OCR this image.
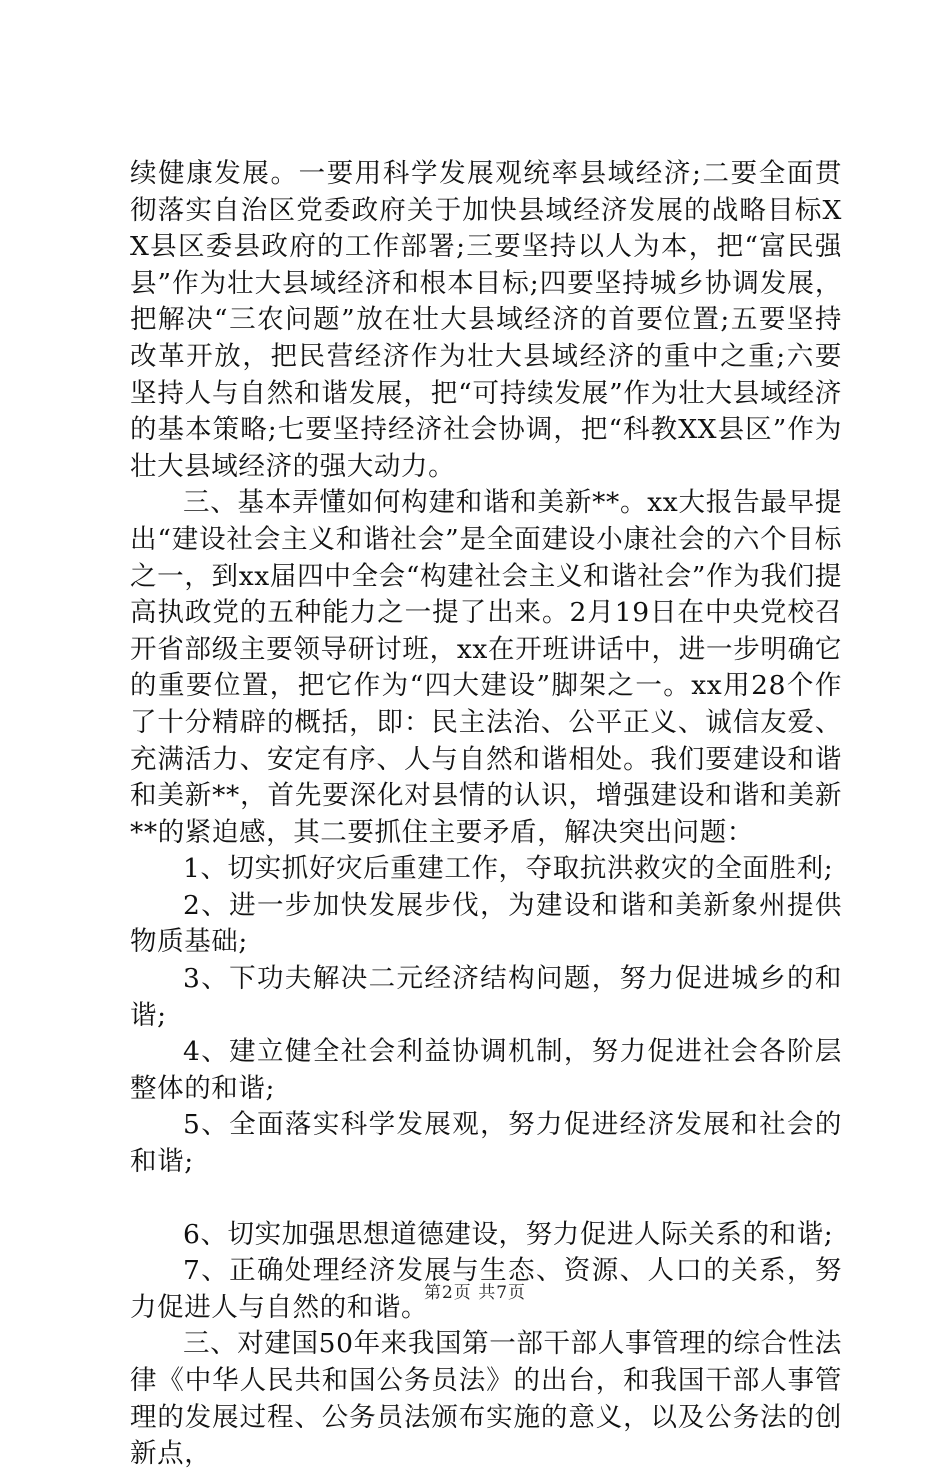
续健康发展。一要用科学发展观统率县域经济;二要全面贯彻落实自治区党委政府关于加快县域经济发展的战略目标XX县区委县政府的工作部署;三要坚持以人为本，把“富民强县”作为壮大县域经济和根本目标;四要坚持城乡协调发展，把解决“三农问题”放在壮大县域经济的首要位置;五要坚持改革开放，把民营经济作为壮大县域经济的重中之重;六要坚持人与自然和谐发展，把“可持续发展”作为壮大县域经济的基本策略;七要坚持经济社会协调，把“科教XX县区”作为壮大县域经济的强大动力。

三、基本弄懂如何构建和谐和美新**。xx大报告最早提出“建设社会主义和谐社会”是全面建设小康社会的六个目标之一，到xx届四中全会“构建社会主义和谐社会”作为我们提高执政党的五种能力之一提了出来。2月19日在中央党校召开省部级主要领导研讨班，xx在开班讲话中，进一步明确它的重要位置，把它作为“四大建设”脚架之一。xx用28个作了十分精辟的概括，即：民主法治、公平正义、诚信友爱、充满活力、安定有序、人与自然和谐相处。我们要建设和谐和美新**，首先要深化对县情的认识，增强建设和谐和美新**的紧迫感，其二要抓住主要矛盾，解决突出问题：

1、切实抓好灾后重建工作，夺取抗洪救灾的全面胜利;

2、进一步加快发展步伐，为建设和谐和美新象州提供物质基础;

3、下功夫解决二元经济结构问题，努力促进城乡的和谐;

4、建立健全社会利益协调机制，努力促进社会各阶层整体的和谐;

5、全面落实科学发展观，努力促进经济发展和社会的和谐;

6、切实加强思想道德建设，努力促进人际关系的和谐;

7、正确处理经济发展与生态、资源、人口的关系，努力促进人与自然的和谐。

三、对建国50年来我国第一部干部人事管理的综合性法律《中华人民共和国公务员法》的出台，和我国干部人事管理的发展过程、公务员法颁布实施的意义，以及公务法的创新点，

第2页 共7页
